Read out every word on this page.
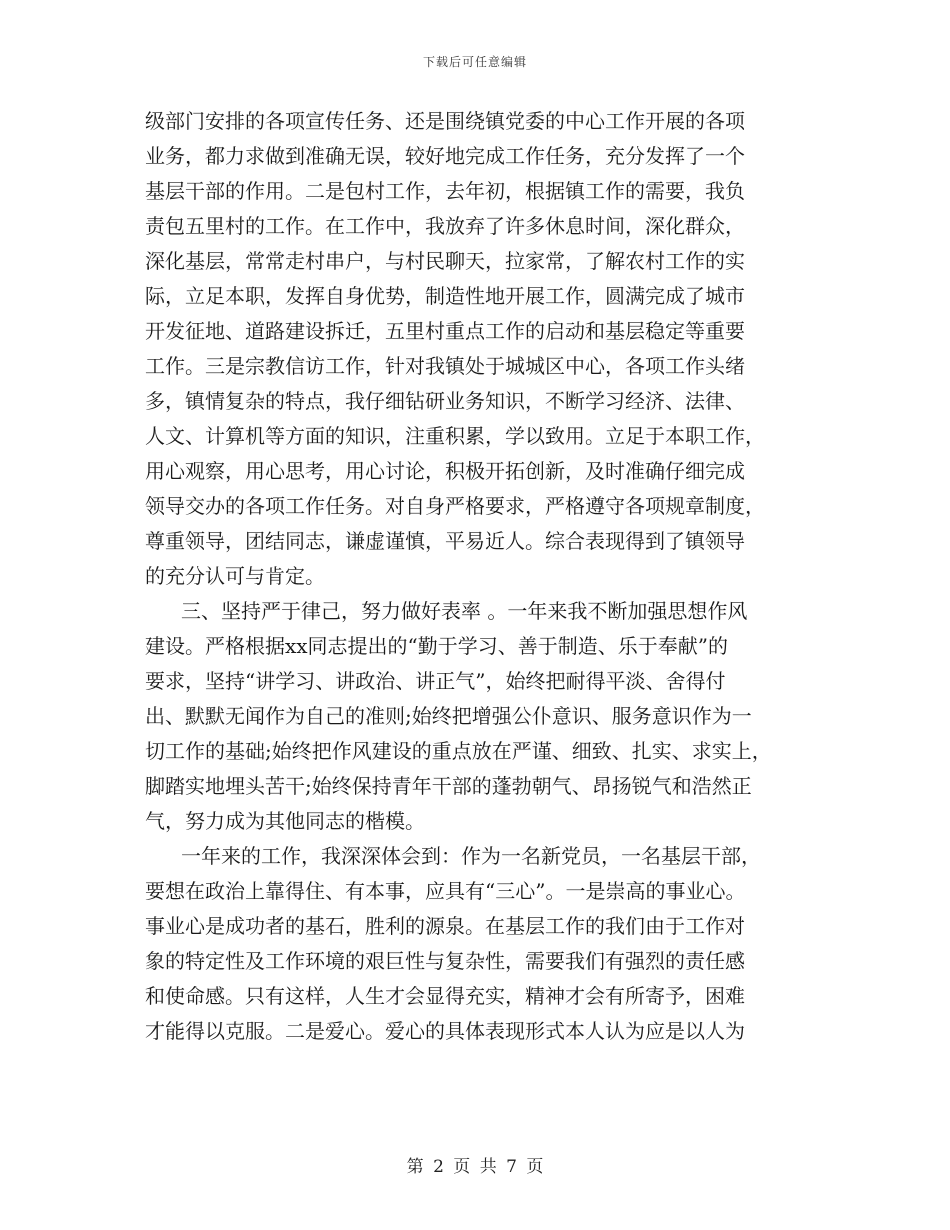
下载后可任意编辑
级部门安排的各项宣传任务、还是围绕镇党委的中心工作开展的各项
业务，都力求做到准确无误，较好地完成工作任务，充分发挥了一个
基层干部的作用。二是包村工作，去年初，根据镇工作的需要，我负
责包五里村的工作。在工作中，我放弃了许多休息时间，深化群众，
深化基层，常常走村串户，与村民聊天，拉家常，了解农村工作的实
际，立足本职，发挥自身优势，制造性地开展工作，圆满完成了城市
开发征地、道路建设拆迁，五里村重点工作的启动和基层稳定等重要
工作。三是宗教信访工作，针对我镇处于城城区中心，各项工作头绪
多，镇情复杂的特点，我仔细钻研业务知识，不断学习经济、法律、
人文、计算机等方面的知识，注重积累，学以致用。立足于本职工作，
用心观察，用心思考，用心讨论，积极开拓创新，及时准确仔细完成
领导交办的各项工作任务。对自身严格要求，严格遵守各项规章制度，
尊重领导，团结同志，谦虚谨慎，平易近人。综合表现得到了镇领导
的充分认可与肯定。
三、坚持严于律己，努力做好表率 。一年来我不断加强思想作风
建设。严格根据xx同志提出的“勤于学习、善于制造、乐于奉献”的
要求，坚持“讲学习、讲政治、讲正气”，始终把耐得平淡、舍得付
出、默默无闻作为自己的准则;始终把增强公仆意识、服务意识作为一
切工作的基础;始终把作风建设的重点放在严谨、细致、扎实、求实上，
脚踏实地埋头苦干;始终保持青年干部的蓬勃朝气、昂扬锐气和浩然正
气，努力成为其他同志的楷模。
一年来的工作，我深深体会到：作为一名新党员，一名基层干部，
要想在政治上靠得住、有本事，应具有“三心”。一是崇高的事业心。
事业心是成功者的基石，胜利的源泉。在基层工作的我们由于工作对
象的特定性及工作环境的艰巨性与复杂性，需要我们有强烈的责任感
和使命感。只有这样，人生才会显得充实，精神才会有所寄予，困难
才能得以克服。二是爱心。爱心的具体表现形式本人认为应是以人为
第 2 页 共 7 页
